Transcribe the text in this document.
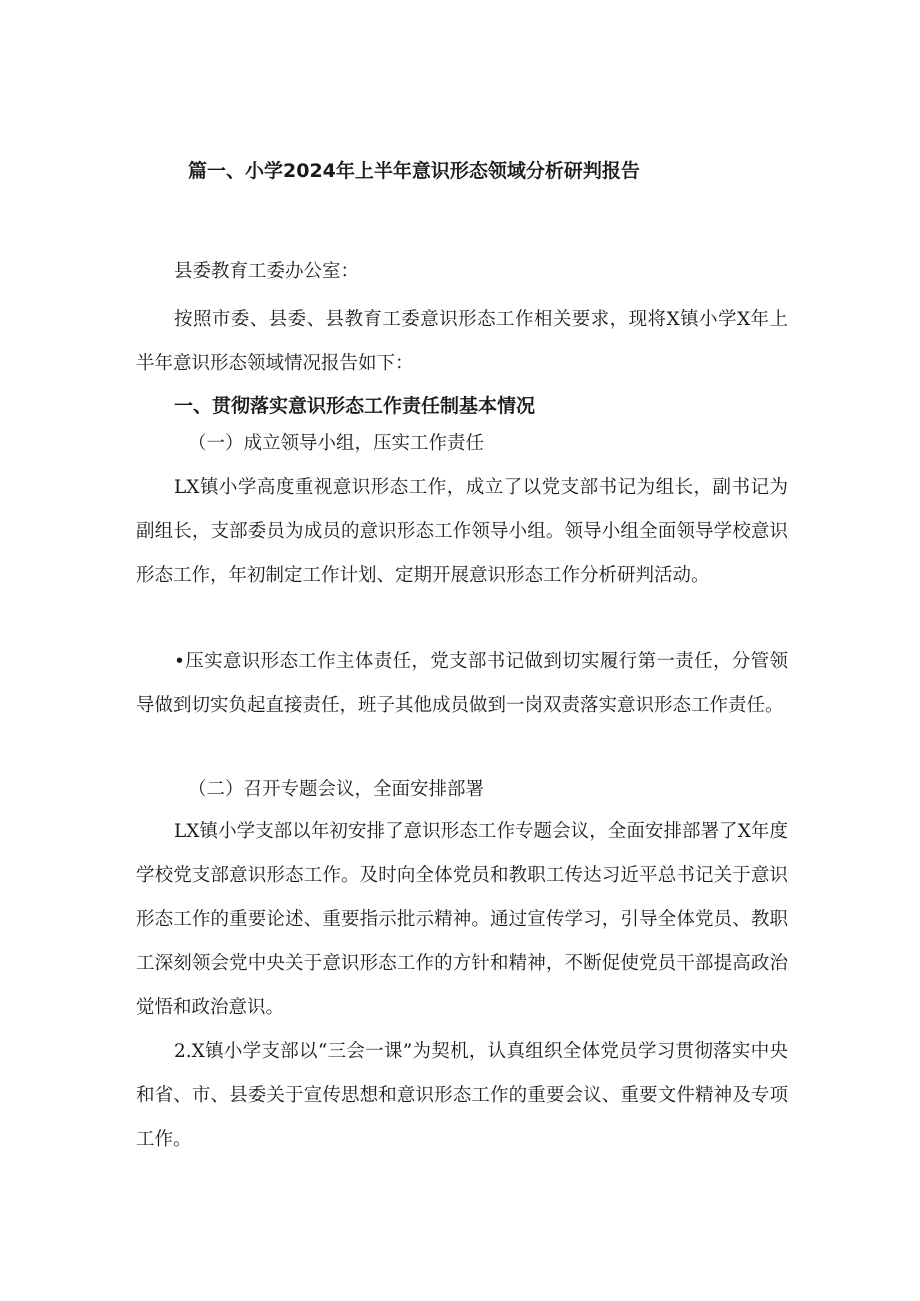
篇一、小学2024年上半年意识形态领域分析研判报告
县委教育工委办公室：
按照市委、县委、县教育工委意识形态工作相关要求，现将X镇小学X年上半年意识形态领域情况报告如下：
一、贯彻落实意识形态工作责任制基本情况
（一）成立领导小组，压实工作责任
LX镇小学高度重视意识形态工作，成立了以党支部书记为组长，副书记为副组长，支部委员为成员的意识形态工作领导小组。领导小组全面领导学校意识形态工作，年初制定工作计划、定期开展意识形态工作分析研判活动。
•压实意识形态工作主体责任，党支部书记做到切实履行第一责任，分管领导做到切实负起直接责任，班子其他成员做到一岗双责落实意识形态工作责任。
（二）召开专题会议，全面安排部署
LX镇小学支部以年初安排了意识形态工作专题会议，全面安排部署了X年度学校党支部意识形态工作。及时向全体党员和教职工传达习近平总书记关于意识形态工作的重要论述、重要指示批示精神。通过宣传学习，引导全体党员、教职工深刻领会党中央关于意识形态工作的方针和精神，不断促使党员干部提高政治觉悟和政治意识。
2.X镇小学支部以“三会一课”为契机，认真组织全体党员学习贯彻落实中央和省、市、县委关于宣传思想和意识形态工作的重要会议、重要文件精神及专项工作。
